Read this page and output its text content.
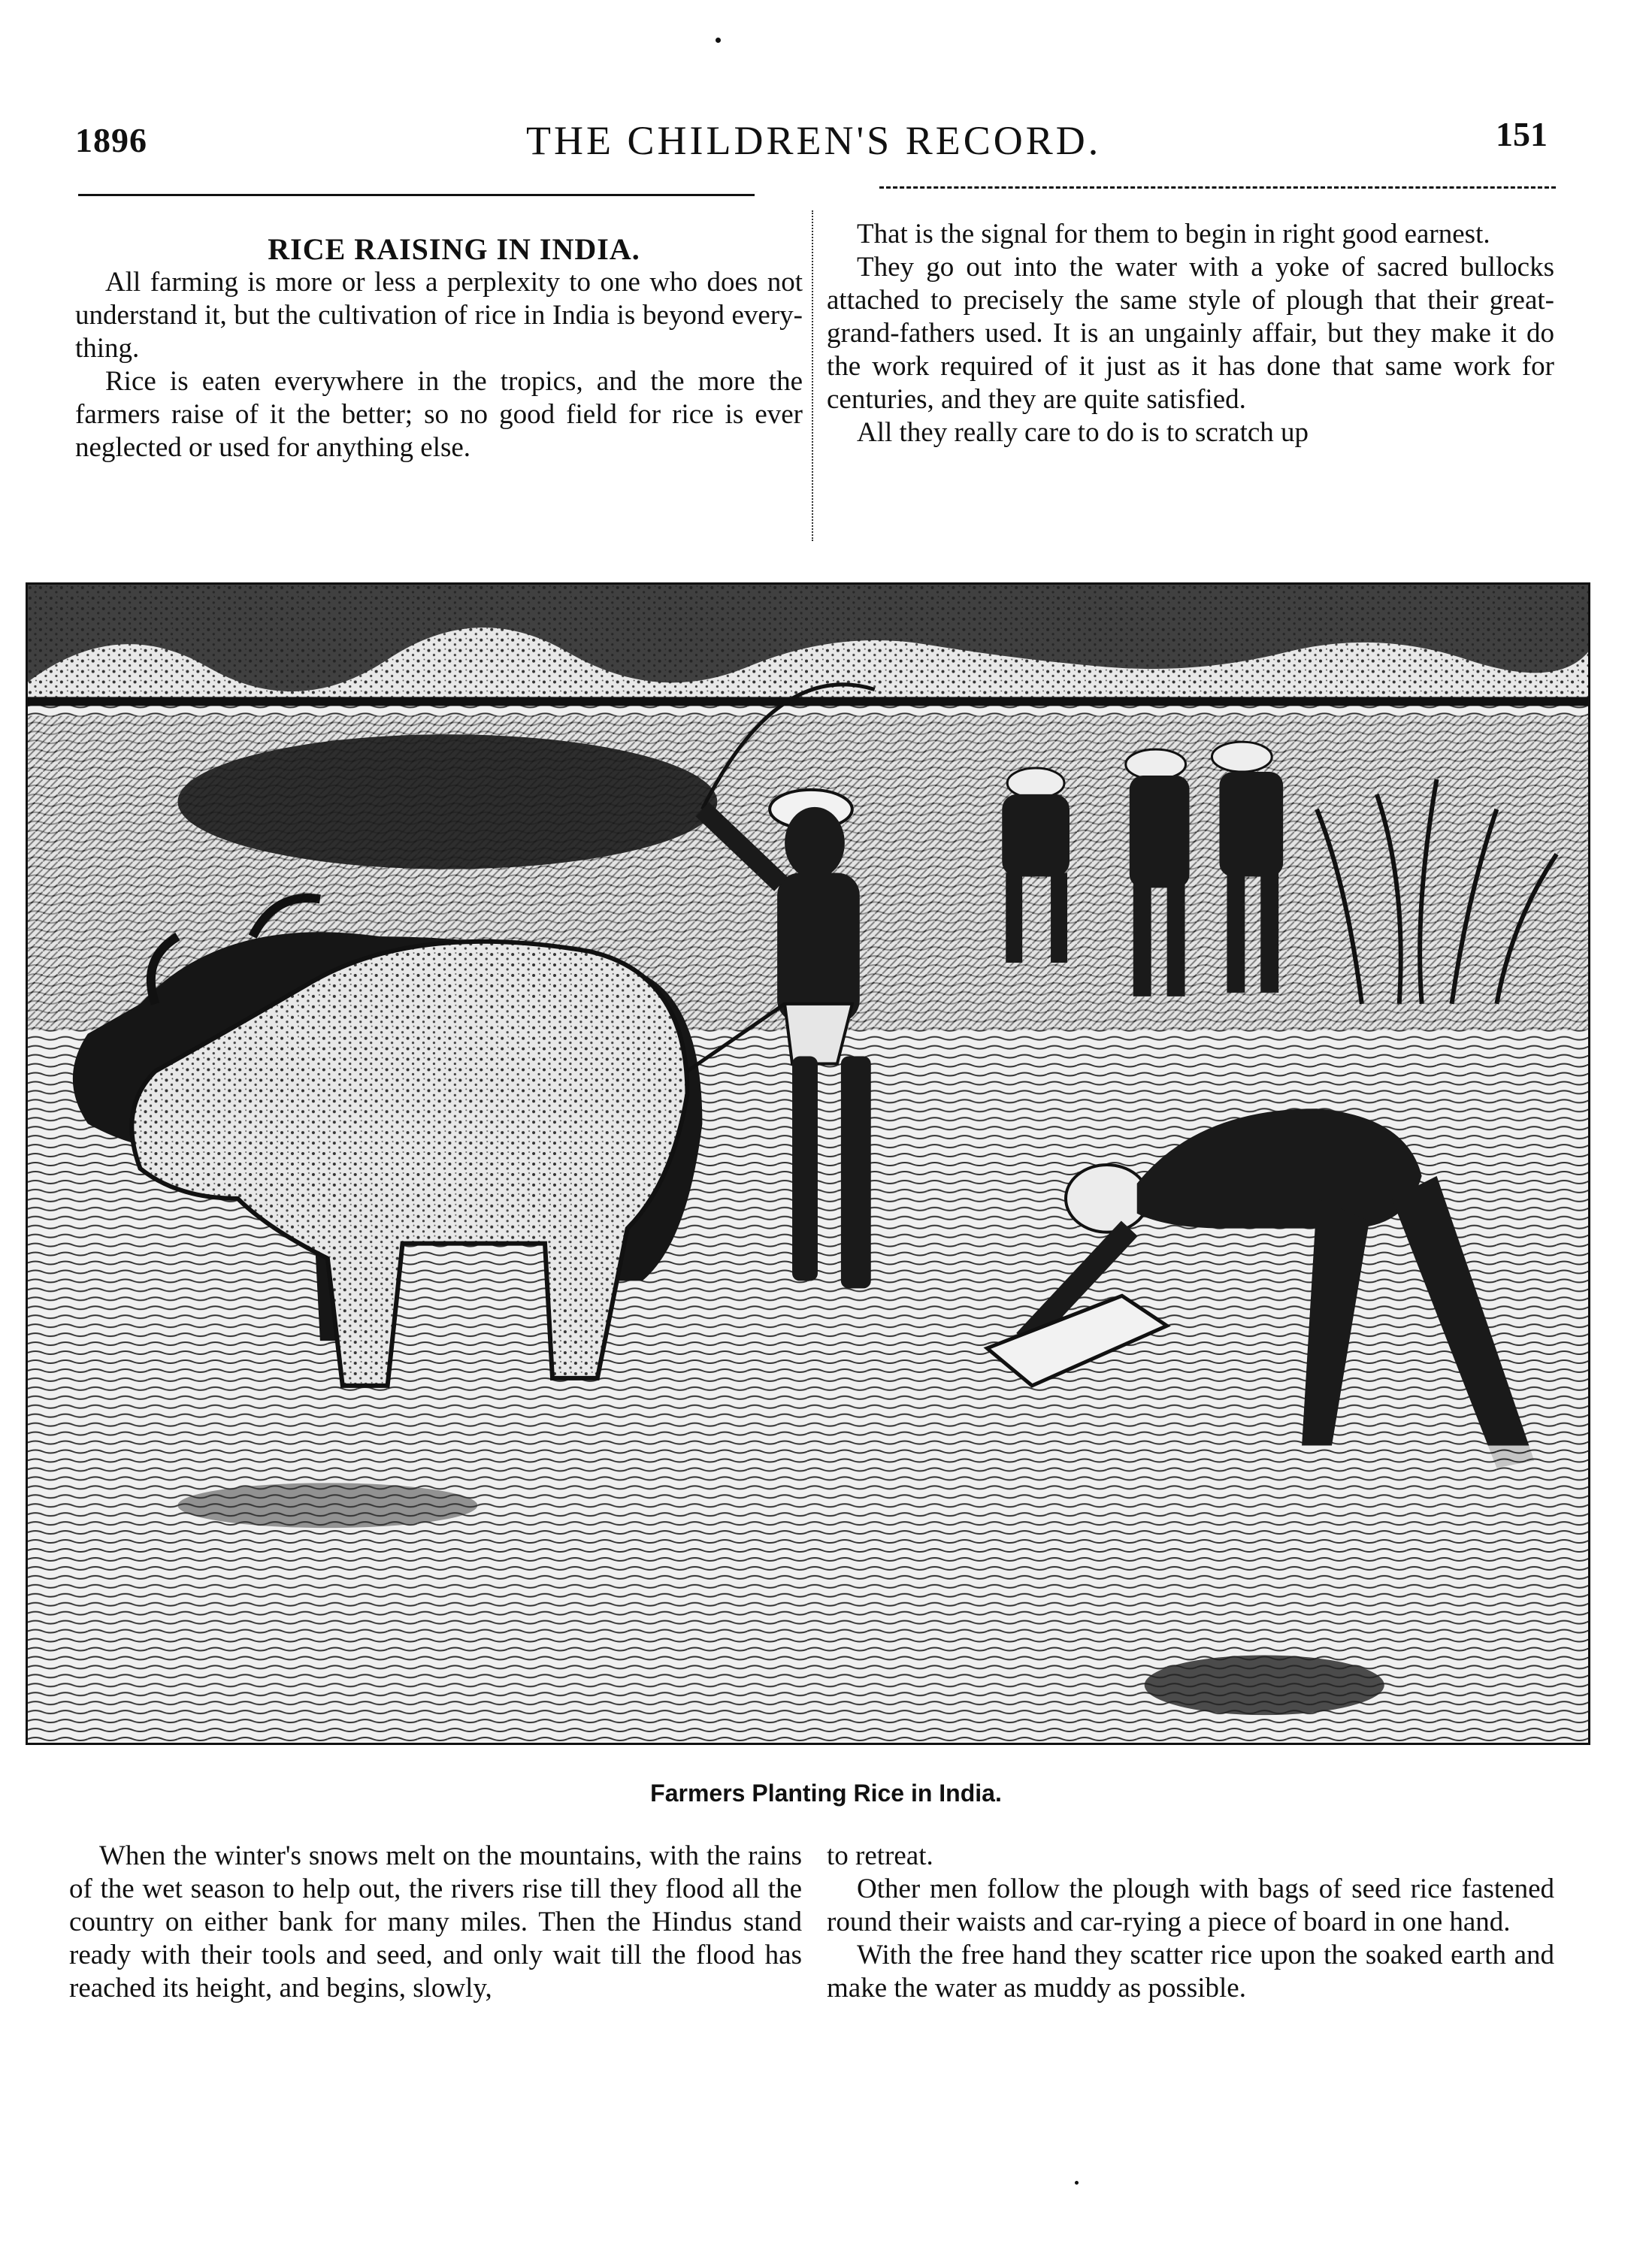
1896	THE CHILDREN'S RECORD.	151

RICE RAISING IN INDIA.

All farming is more or less a perplexity to one who does not understand it, but the cultivation of rice in India is beyond every-thing.

Rice is eaten everywhere in the tropics, and the more the farmers raise of it the better; so no good field for rice is ever neglected or used for anything else.

That is the signal for them to begin in right good earnest.

They go out into the water with a yoke of sacred bullocks attached to precisely the same style of plough that their great-grand-fathers used. It is an ungainly affair, but they make it do the work required of it just as it has done that same work for centuries, and they are quite satisfied.

All they really care to do is to scratch up

Farmers Planting Rice in India.

When the winter's snows melt on the mountains, with the rains of the wet season to help out, the rivers rise till they flood all the country on either bank for many miles. Then the Hindus stand ready with their tools and seed, and only wait till the flood has reached its height, and begins, slowly,

to retreat.

Other men follow the plough with bags of seed rice fastened round their waists and car-rying a piece of board in one hand.

With the free hand they scatter rice upon the soaked earth and make the water as muddy as possible.
